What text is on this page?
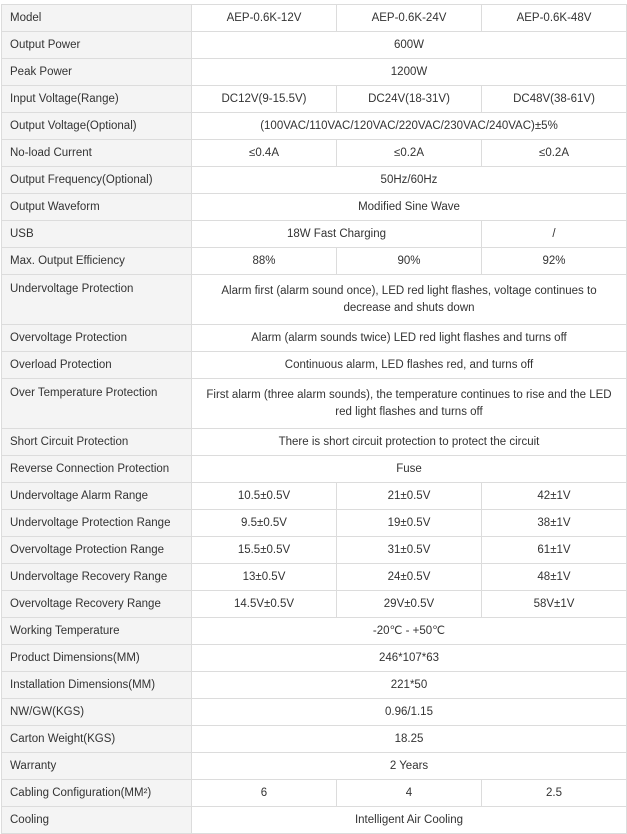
Model	AEP-0.6K-12V	AEP-0.6K-24V	AEP-0.6K-48V
Output Power	600W		
Peak Power	1200W		
Input Voltage(Range)	DC12V(9-15.5V)	DC24V(18-31V)	DC48V(38-61V)
Output Voltage(Optional)	(100VAC/110VAC/120VAC/220VAC/230VAC/240VAC)±5%		
No-load Current	≤0.4A	≤0.2A	≤0.2A
Output Frequency(Optional)	50Hz/60Hz		
Output Waveform	Modified Sine Wave		
USB	18W Fast Charging		/
Max. Output Efficiency	88%	90%	92%
Undervoltage Protection	Alarm first (alarm sound once), LED red light flashes, voltage continues to decrease and shuts down		
Overvoltage Protection	Alarm (alarm sounds twice) LED red light flashes and turns off		
Overload Protection	Continuous alarm, LED flashes red, and turns off		
Over Temperature Protection	First alarm (three alarm sounds), the temperature continues to rise and the LED red light flashes and turns off		
Short Circuit Protection	There is short circuit protection to protect the circuit		
Reverse Connection Protection	Fuse		
Undervoltage Alarm Range	10.5±0.5V	21±0.5V	42±1V
Undervoltage Protection Range	9.5±0.5V	19±0.5V	38±1V
Overvoltage Protection Range	15.5±0.5V	31±0.5V	61±1V
Undervoltage Recovery Range	13±0.5V	24±0.5V	48±1V
Overvoltage Recovery Range	14.5V±0.5V	29V±0.5V	58V±1V
Working Temperature	-20℃ - +50℃		
Product Dimensions(MM)	246*107*63		
Installation Dimensions(MM)	221*50		
NW/GW(KGS)	0.96/1.15		
Carton Weight(KGS)	18.25		
Warranty	2 Years		
Cabling Configuration(MM²)	6	4	2.5
Cooling	Intelligent Air Cooling		
